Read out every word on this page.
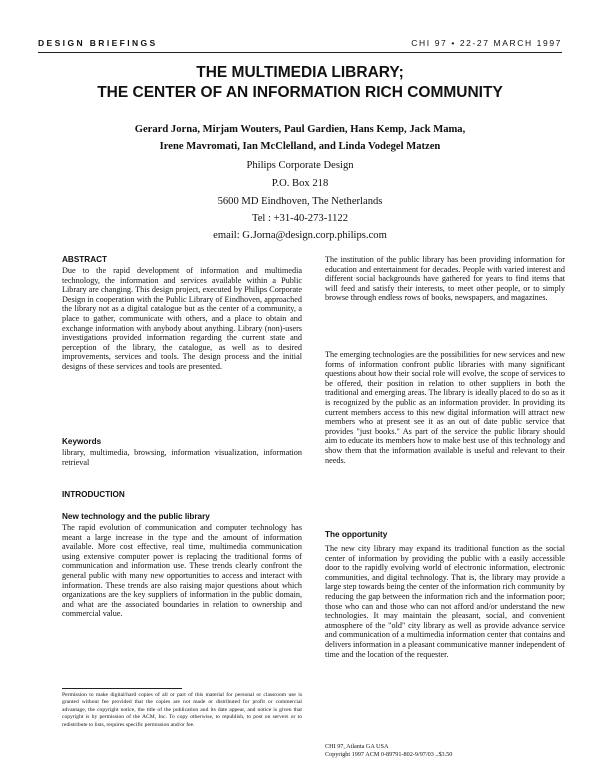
DESIGN BRIEFINGS	CHI 97 • 22-27 MARCH 1997
THE MULTIMEDIA LIBRARY;
THE CENTER OF AN INFORMATION RICH COMMUNITY
Gerard Jorna, Mirjam Wouters, Paul Gardien, Hans Kemp, Jack Mama,
Irene Mavromati, Ian McClelland, and Linda Vodegel Matzen
Philips Corporate Design
P.O. Box 218
5600 MD Eindhoven, The Netherlands
Tel : +31-40-273-1122
email: G.Jorna@design.corp.philips.com
ABSTRACT

Due to the rapid development of information and multimedia technology, the information and services available within a Public Library are changing. This design project, executed by Philips Corporate Design in cooperation with the Public Library of Eindhoven, approached the library not as a digital catalogue but as the center of a community, a place to gather, communicate with others, and a place to obtain and exchange information with anybody about anything. Library (non)-users investigations provided information regarding the current state and perception of the library, the catalogue, as well as to desired improvements, services and tools. The design process and the initial designs of these services and tools are presented.

Keywords

library, multimedia, browsing, information visualization, information retrieval

INTRODUCTION
New technology and the public library

The rapid evolution of communication and computer technology has meant a large increase in the type and the amount of information available. More cost effective, real time, multimedia communication using extensive computer power is replacing the traditional forms of communication and information use. These trends clearly confront the general public with many new opportunities to access and interact with information. These trends are also raising major questions about which organizations are the key suppliers of information in the public domain, and what are the associated boundaries in relation to ownership and commercial value.

Permission to make digital/hard copies of all or part of this material for personal or classroom use is granted without fee provided that the copies are not made or distributed for profit or commercial advantage, the copyright notice, the title of the publication and its date appear, and notice is given that copyright is by permission of the ACM, Inc. To copy otherwise, to republish, to post on servers or to redistribute to lists, requires specific permission and/or fee.

The institution of the public library has been providing information for education and entertainment for decades. People with varied interest and different social backgrounds have gathered for years to find items that will feed and satisfy their interests, to meet other people, or to simply browse through endless rows of books, newspapers, and magazines.

The emerging technologies are the possibilities for new services and new forms of information confront public libraries with many significant questions about how their social role will evolve, the scope of services to be offered, their position in relation to other suppliers in both the traditional and emerging areas. The library is ideally placed to do so as it is recognized by the public as an information provider. In providing its current members access to this new digital information will attract new members who at present see it as an out of date public service that provides "just books." As part of the service the public library should aim to educate its members how to make best use of this technology and show them that the information available is useful and relevant to their needs.

The opportunity

The new city library may expand its traditional function as the social center of information by providing the public with a easily accessible door to the rapidly evolving world of electronic information, electronic communities, and digital technology. That is, the library may provide a large step towards being the center of the information rich community by reducing the gap between the information rich and the information poor; those who can and those who can not afford and/or understand the new technologies. It may maintain the pleasant, social, and convenient atmosphere of the "old" city library as well as provide advance service and communication of a multimedia information center that contains and delivers information in a pleasant communicative manner independent of time and the location of the requester.

CHI 97, Atlanta GA USA
Copyright 1997 ACM 0-89791-802-9/97/03 ..$3.50
